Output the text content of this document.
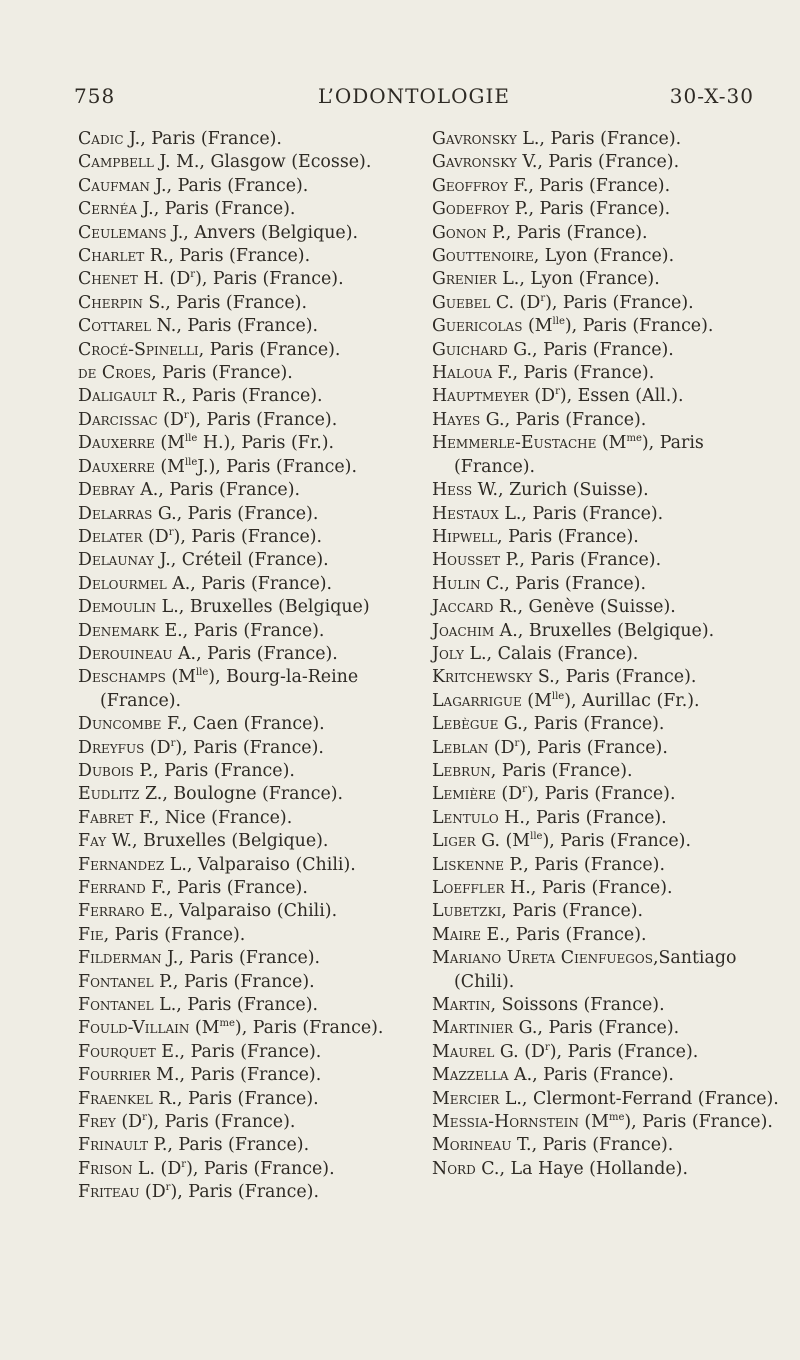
758	L’ODONTOLOGIE	30-X-30

Cadic J., Paris (France).

Campbell J. M., Glasgow (Ecosse).

Caufman J., Paris (France).

Cernéa J., Paris (France).

Ceulemans J., Anvers (Belgique).

Charlet R., Paris (France).

Chenet H. $(D^r)$, Paris (France).

Cherpin S., Paris (France).

Cottarel N., Paris (France).

Crocé-Spinelli, Paris (France).

de Croes, Paris (France).

Daligault R., Paris (France).

Darcissac $(D^r)$, Paris (France).

Dauxerre ($M^{lle}$ H.), Paris (Fr.).

Dauxerre $(M^{lle}J.)$, Paris (France).

Debray A., Paris (France).

Delarras G., Paris (France).

Delater $(D^r)$, Paris (France).

Delaunay J., Créteil (France).

Delourmel A., Paris (France).

Demoulin L., Bruxelles (Belgique)

Denemark E., Paris (France).

Derouineau A., Paris (France).

Deschamps $(M^{lle})$, Bourg-la-Reine (France).

Duncombe F., Caen (France).

Dreyfus $(D^r)$, Paris (France).

Dubois P., Paris (France).

Eudlitz Z., Boulogne (France).

Fabret F., Nice (France).

Fay W., Bruxelles (Belgique).

Fernandez L., Valparaiso (Chili).

Ferrand F., Paris (France).

Ferraro E., Valparaiso (Chili).

Fie, Paris (France).

Filderman J., Paris (France).

Fontanel P., Paris (France).

Fontanel L., Paris (France).

Fould-Villain $(M^{me})$, Paris (France).

Fourquet E., Paris (France).

Fourrier M., Paris (France).

Fraenkel R., Paris (France).

Frey $(D^r)$, Paris (France).

Frinault P., Paris (France).

Frison L. $(D^r)$, Paris (France).

Friteau $(D^r)$, Paris (France).

Gavronsky L., Paris (France).

Gavronsky V., Paris (France).

Geoffroy F., Paris (France).

Godefroy P., Paris (France).

Gonon P., Paris (France).

Gouttenoire, Lyon (France).

Grenier L., Lyon (France).

Guebel C. $(D^r)$, Paris (France).

Guericolas $(M^{lle})$, Paris (France).

Guichard G., Paris (France).

Haloua F., Paris (France).

Hauptmeyer $(D^r)$, Essen (All.).

Hayes G., Paris (France).

Hemmerle-Eustache $(M^{me})$, Paris (France).

Hess W., Zurich (Suisse).

Hestaux L., Paris (France).

Hipwell, Paris (France).

Housset P., Paris (France).

Hulin C., Paris (France).

Jaccard R., Genève (Suisse).

Joachim A., Bruxelles (Belgique).

Joly L., Calais (France).

Kritchewsky S., Paris (France).

Lagarrigue $(M^{lle})$, Aurillac (Fr.).

Lebègue G., Paris (France).

Leblan $(D^r)$, Paris (France).

Lebrun, Paris (France).

Lemière $(D^r)$, Paris (France).

Lentulo H., Paris (France).

Liger G. $(M^{lle})$, Paris (France).

Liskenne P., Paris (France).

Loeffler H., Paris (France).

Lubetzki, Paris (France).

Maire E., Paris (France).

Mariano Ureta Cienfuegos,Santiago (Chili).

Martin, Soissons (France).

Martinier G., Paris (France).

Maurel G. $(D^r)$, Paris (France).

Mazzella A., Paris (France).

Mercier L., Clermont-Ferrand (France).

Messia-Hornstein $(M^{me})$, Paris (France).

Morineau T., Paris (France).

Nord C., La Haye (Hollande).
